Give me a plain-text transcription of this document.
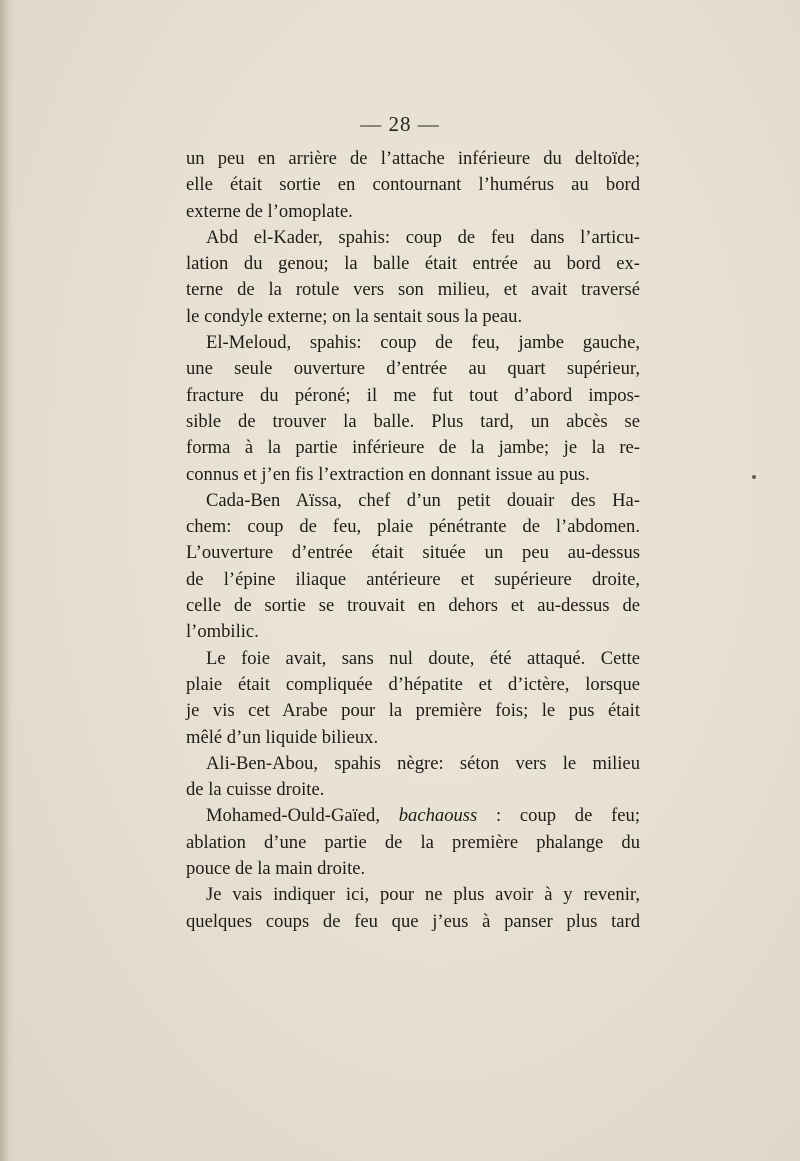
— 28 —
un peu en arrière de l’attache inférieure du deltoïde;
elle était sortie en contournant l’humérus au bord
externe de l’omoplate.
Abd el-Kader, spahis: coup de feu dans l’articu-
lation du genou; la balle était entrée au bord ex-
terne de la rotule vers son milieu, et avait traversé
le condyle externe; on la sentait sous la peau.
El-Meloud, spahis: coup de feu, jambe gauche,
une seule ouverture d’entrée au quart supérieur,
fracture du péroné; il me fut tout d’abord impos-
sible de trouver la balle. Plus tard, un abcès se
forma à la partie inférieure de la jambe; je la re-
connus et j’en fis l’extraction en donnant issue au pus.
Cada-Ben Aïssa, chef d’un petit douair des Ha-
chem: coup de feu, plaie pénétrante de l’abdomen.
L’ouverture d’entrée était située un peu au-dessus
de l’épine iliaque antérieure et supérieure droite,
celle de sortie se trouvait en dehors et au-dessus de
l’ombilic.
Le foie avait, sans nul doute, été attaqué. Cette
plaie était compliquée d’hépatite et d’ictère, lorsque
je vis cet Arabe pour la première fois; le pus était
mêlé d’un liquide bilieux.
Ali-Ben-Abou, spahis nègre: séton vers le milieu
de la cuisse droite.
Mohamed-Ould-Gaïed, bachaouss : coup de feu;
ablation d’une partie de la première phalange du
pouce de la main droite.
Je vais indiquer ici, pour ne plus avoir à y revenir,
quelques coups de feu que j’eus à panser plus tard
